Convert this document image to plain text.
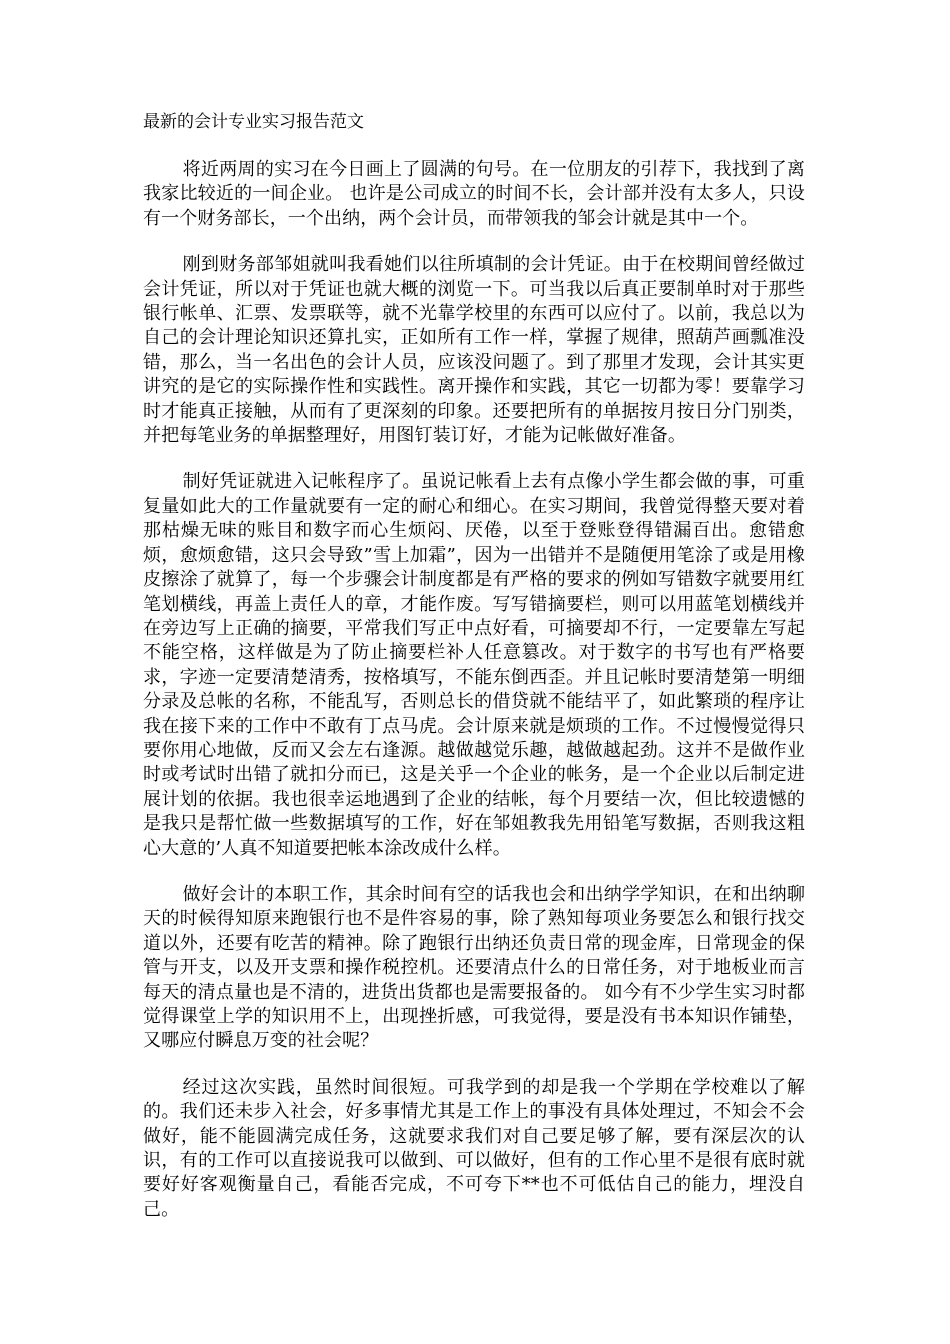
最新的会计专业实习报告范文

将近两周的实习在今日画上了圆满的句号。在一位朋友的引荐下，我找到了离我家比较近的一间企业。 也许是公司成立的时间不长，会计部并没有太多人，只设有一个财务部长，一个出纳，两个会计员，而带领我的邹会计就是其中一个。

刚到财务部邹姐就叫我看她们以往所填制的会计凭证。由于在校期间曾经做过会计凭证，所以对于凭证也就大概的浏览一下。可当我以后真正要制单时对于那些银行帐单、汇票、发票联等，就不光靠学校里的东西可以应付了。以前，我总以为自己的会计理论知识还算扎实，正如所有工作一样，掌握了规律，照葫芦画瓢准没错，那么，当一名出色的会计人员，应该没问题了。到了那里才发现，会计其实更讲究的是它的实际操作性和实践性。离开操作和实践，其它一切都为零！要靠学习时才能真正接触，从而有了更深刻的印象。还要把所有的单据按月按日分门别类，并把每笔业务的单据整理好，用图钉装订好，才能为记帐做好准备。

制好凭证就进入记帐程序了。虽说记帐看上去有点像小学生都会做的事，可重复量如此大的工作量就要有一定的耐心和细心。在实习期间，我曾觉得整天要对着那枯燥无味的账目和数字而心生烦闷、厌倦，以至于登账登得错漏百出。愈错愈烦，愈烦愈错，这只会导致”雪上加霜”，因为一出错并不是随便用笔涂了或是用橡皮擦涂了就算了，每一个步骤会计制度都是有严格的要求的例如写错数字就要用红笔划横线，再盖上责任人的章，才能作废。写写错摘要栏，则可以用蓝笔划横线并在旁边写上正确的摘要，平常我们写正中点好看，可摘要却不行，一定要靠左写起不能空格，这样做是为了防止摘要栏补人任意篡改。对于数字的书写也有严格要求，字迹一定要清楚清秀，按格填写，不能东倒西歪。并且记帐时要清楚第一明细分录及总帐的名称，不能乱写，否则总长的借贷就不能结平了，如此繁琐的程序让我在接下来的工作中不敢有丁点马虎。会计原来就是烦琐的工作。不过慢慢觉得只要你用心地做，反而又会左右逢源。越做越觉乐趣，越做越起劲。这并不是做作业时或考试时出错了就扣分而已，这是关乎一个企业的帐务，是一个企业以后制定进展计划的依据。我也很幸运地遇到了企业的结帐，每个月要结一次，但比较遗憾的是我只是帮忙做一些数据填写的工作，好在邹姐教我先用铅笔写数据，否则我这粗心大意的’人真不知道要把帐本涂改成什么样。

做好会计的本职工作，其余时间有空的话我也会和出纳学学知识，在和出纳聊天的时候得知原来跑银行也不是件容易的事，除了熟知每项业务要怎么和银行找交道以外，还要有吃苦的精神。除了跑银行出纳还负责日常的现金库，日常现金的保管与开支，以及开支票和操作税控机。还要清点什么的日常任务，对于地板业而言每天的清点量也是不清的，进货出货都也是需要报备的。 如今有不少学生实习时都觉得课堂上学的知识用不上，出现挫折感，可我觉得，要是没有书本知识作铺垫，又哪应付瞬息万变的社会呢？

经过这次实践，虽然时间很短。可我学到的却是我一个学期在学校难以了解的。我们还未步入社会，好多事情尤其是工作上的事没有具体处理过，不知会不会做好，能不能圆满完成任务，这就要求我们对自己要足够了解，要有深层次的认识，有的工作可以直接说我可以做到、可以做好，但有的工作心里不是很有底时就要好好客观衡量自己，看能否完成，不可夸下**也不可低估自己的能力，埋没自己。
